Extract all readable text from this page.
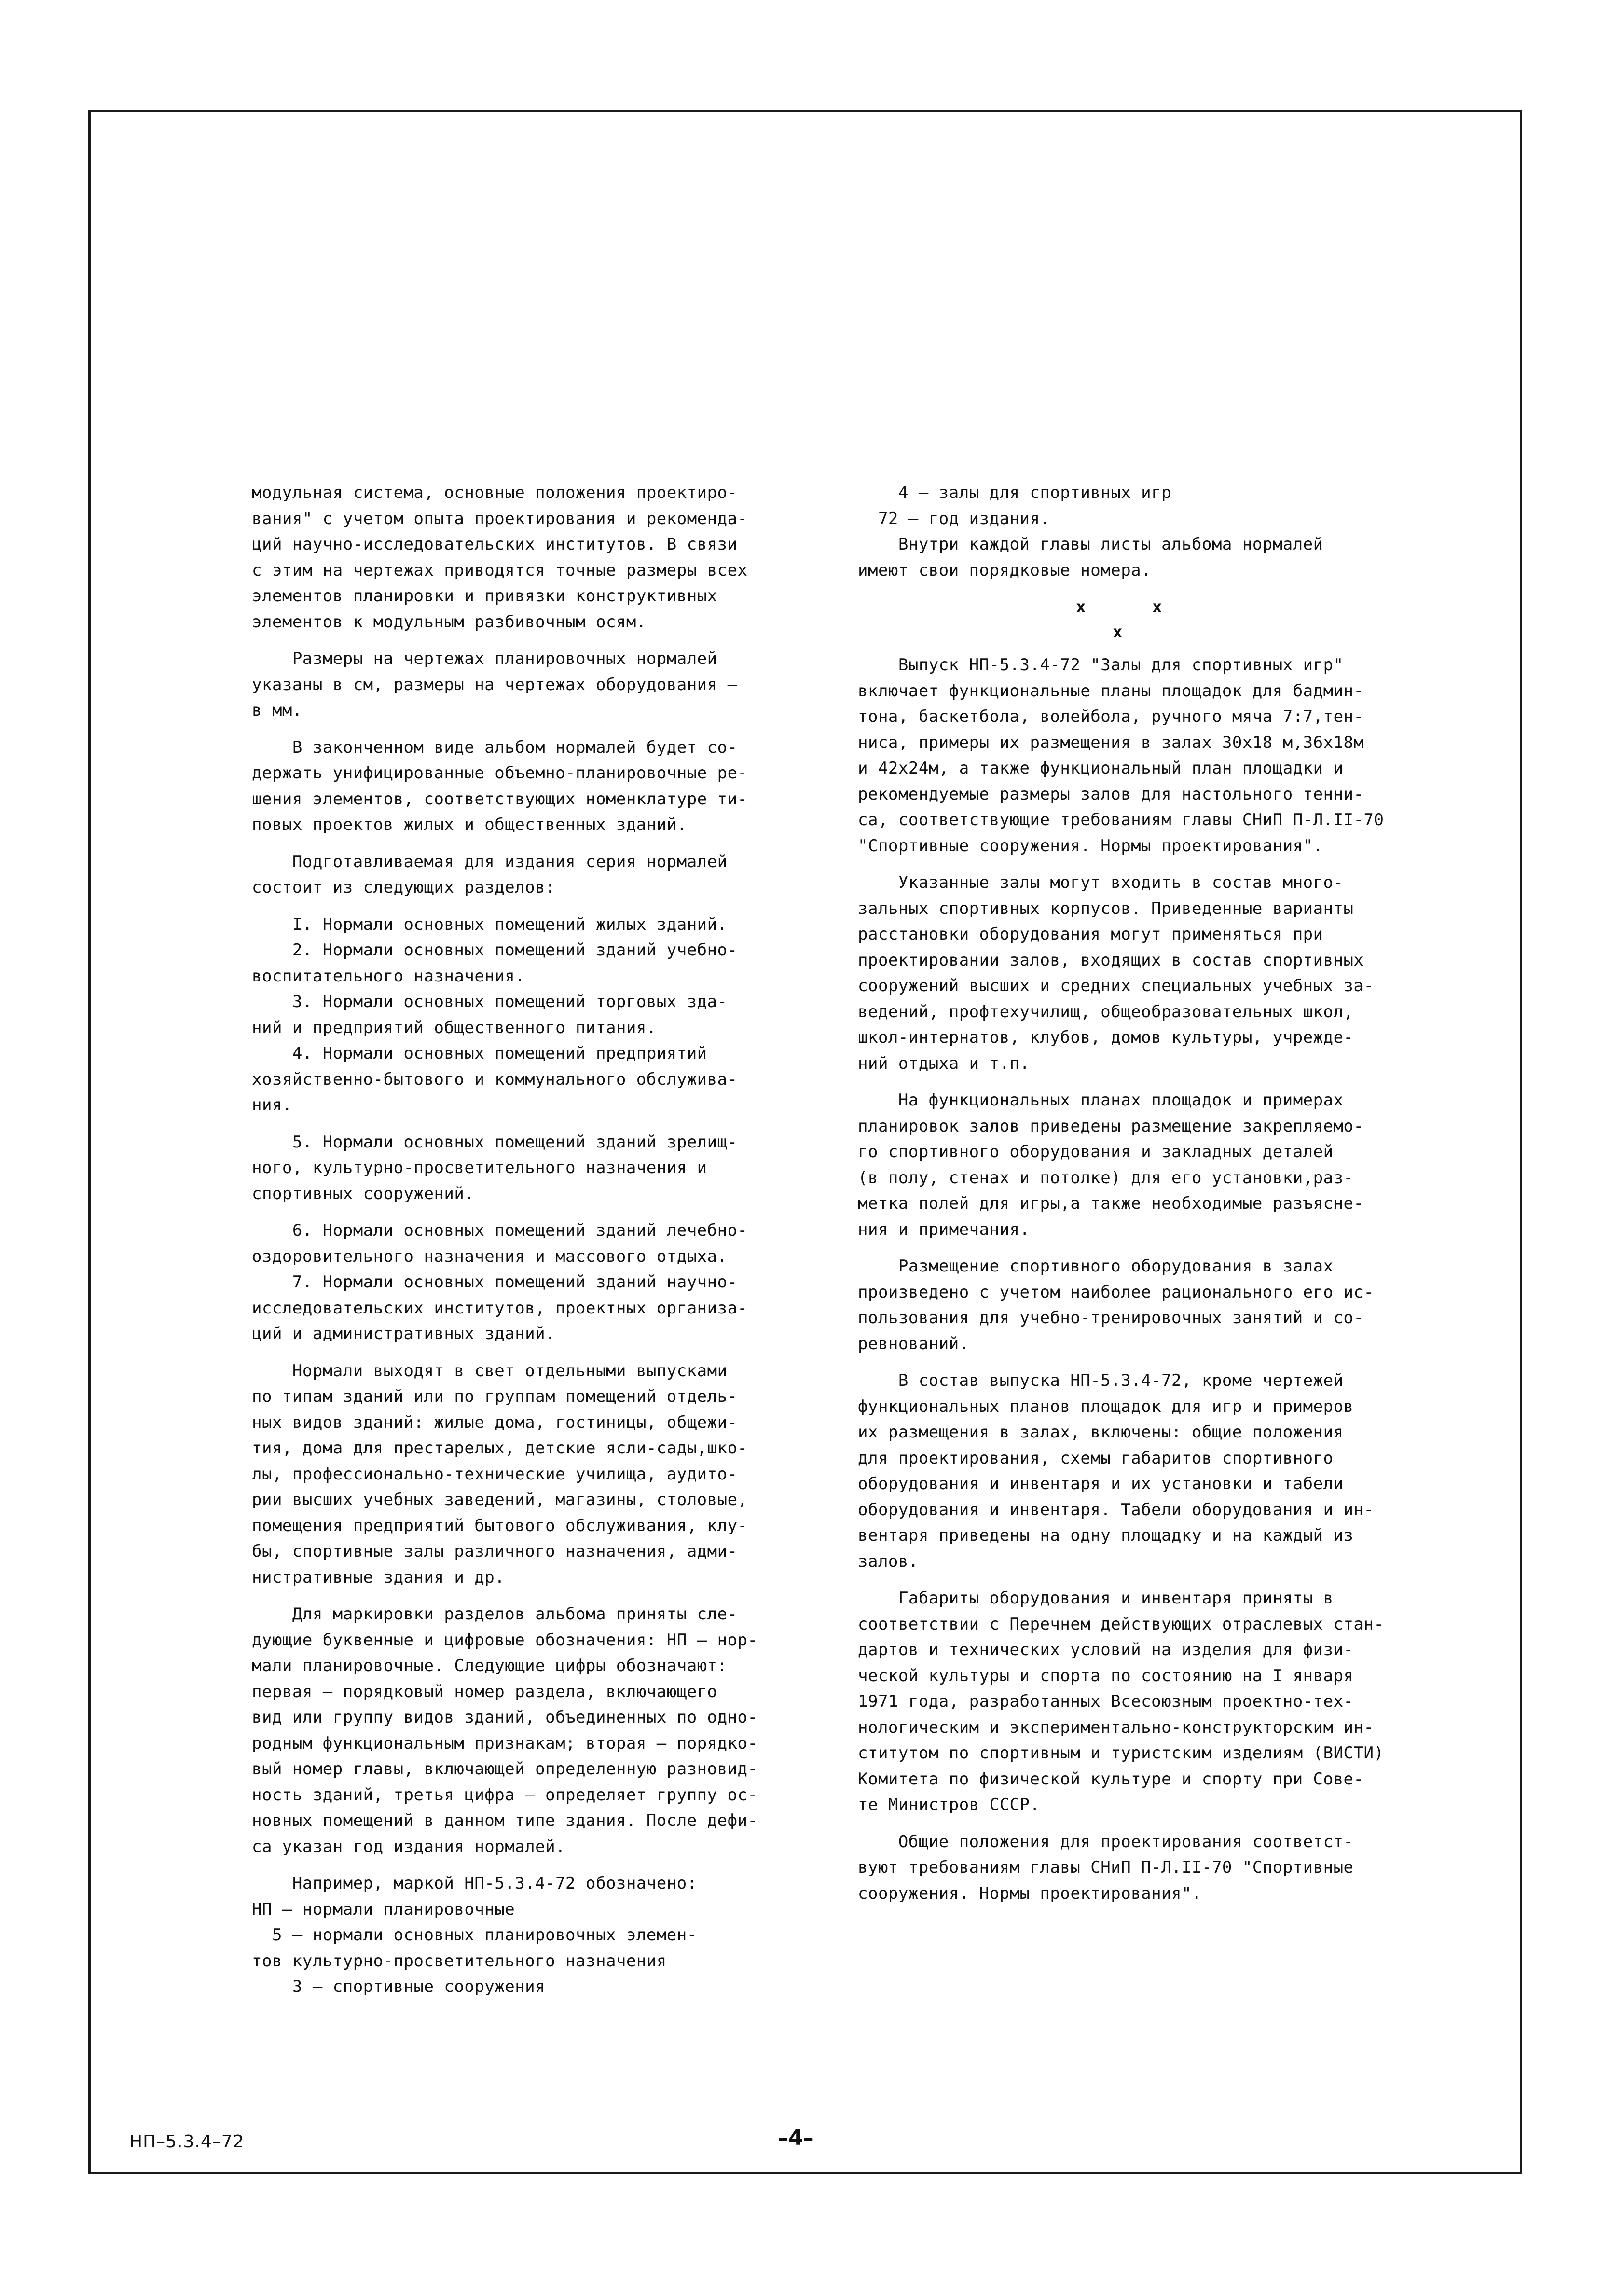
модульная система, основные положения проектиро-
вания" с учетом опыта проектирования и рекоменда-
ций научно-исследовательских институтов. В связи
с этим на чертежах приводятся точные размеры всех
элементов планировки и привязки конструктивных
элементов к модульным разбивочным осям.

Размеры на чертежах планировочных нормалей
указаны в см, размеры на чертежах оборудования –
в мм.

В законченном виде альбом нормалей будет со-
держать унифицированные объемно-планировочные ре-
шения элементов, соответствующих номенклатуре ти-
повых проектов жилых и общественных зданий.

Подготавливаемая для издания серия нормалей
состоит из следующих разделов:

I. Нормали основных помещений жилых зданий.
2. Нормали основных помещений зданий учебно-
воспитательного назначения.
3. Нормали основных помещений торговых зда-
ний и предприятий общественного питания.
4. Нормали основных помещений предприятий
хозяйственно-бытового и коммунального обслужива-
ния.

5. Нормали основных помещений зданий зрелищ-
ного, культурно-просветительного назначения и
спортивных сооружений.

6. Нормали основных помещений зданий лечебно-
оздоровительного назначения и массового отдыха.
7. Нормали основных помещений зданий научно-
исследовательских институтов, проектных организа-
ций и административных зданий.

Нормали выходят в свет отдельными выпусками
по типам зданий или по группам помещений отдель-
ных видов зданий: жилые дома, гостиницы, общежи-
тия, дома для престарелых, детские ясли-сады,шко-
лы, профессионально-технические училища, аудито-
рии высших учебных заведений, магазины, столовые,
помещения предприятий бытового обслуживания, клу-
бы, спортивные залы различного назначения, адми-
нистративные здания и др.

Для маркировки разделов альбома приняты сле-
дующие буквенные и цифровые обозначения: НП – нор-
мали планировочные. Следующие цифры обозначают:
первая – порядковый номер раздела, включающего
вид или группу видов зданий, объединенных по одно-
родным функциональным признакам; вторая – порядко-
вый номер главы, включающей определенную разновид-
ность зданий, третья цифра – определяет группу ос-
новных помещений в данном типе здания. После дефи-
са указан год издания нормалей.

Например, маркой НП-5.3.4-72 обозначено:
НП – нормали планировочные
5 – нормали основных планировочных элемен-
тов культурно-просветительного назначения
3 – спортивные сооружения

4 – залы для спортивных игр
72 – год издания.

Внутри каждой главы листы альбома нормалей
имеют свои порядковые номера.

x
x
x

Выпуск НП-5.3.4-72 "Залы для спортивных игр"
включает функциональные планы площадок для бадмин-
тона, баскетбола, волейбола, ручного мяча 7:7,тен-
ниса, примеры их размещения в залах 30х18 м,36х18м
и 42х24м, а также функциональный план площадки и
рекомендуемые размеры залов для настольного тенни-
са, соответствующие требованиям главы СНиП П-Л.II-70
"Спортивные сооружения. Нормы проектирования".

Указанные залы могут входить в состав много-
зальных спортивных корпусов. Приведенные варианты
расстановки оборудования могут применяться при
проектировании залов, входящих в состав спортивных
сооружений высших и средних специальных учебных за-
ведений, профтехучилищ, общеобразовательных школ,
школ-интернатов, клубов, домов культуры, учрежде-
ний отдыха и т.п.

На функциональных планах площадок и примерах
планировок залов приведены размещение закрепляемо-
го спортивного оборудования и закладных деталей
(в полу, стенах и потолке) для его установки,раз-
метка полей для игры,а также необходимые разъясне-
ния и примечания.

Размещение спортивного оборудования в залах
произведено с учетом наиболее рационального его ис-
пользования для учебно-тренировочных занятий и со-
ревнований.

В состав выпуска НП-5.3.4-72, кроме чертежей
функциональных планов площадок для игр и примеров
их размещения в залах, включены: общие положения
для проектирования, схемы габаритов спортивного
оборудования и инвентаря и их установки и табели
оборудования и инвентаря. Табели оборудования и ин-
вентаря приведены на одну площадку и на каждый из
залов.

Габариты оборудования и инвентаря приняты в
соответствии с Перечнем действующих отраслевых стан-
дартов и технических условий на изделия для физи-
ческой культуры и спорта по состоянию на I января
1971 года, разработанных Всесоюзным проектно-тех-
нологическим и экспериментально-конструкторским ин-
ститутом по спортивным и туристским изделиям (ВИСТИ)
Комитета по физической культуре и спорту при Сове-
те Министров СССР.

Общие положения для проектирования соответст-
вуют требованиям главы СНиП П-Л.II-70 "Спортивные
сооружения. Нормы проектирования".

НП–5.3.4–72	–4–
